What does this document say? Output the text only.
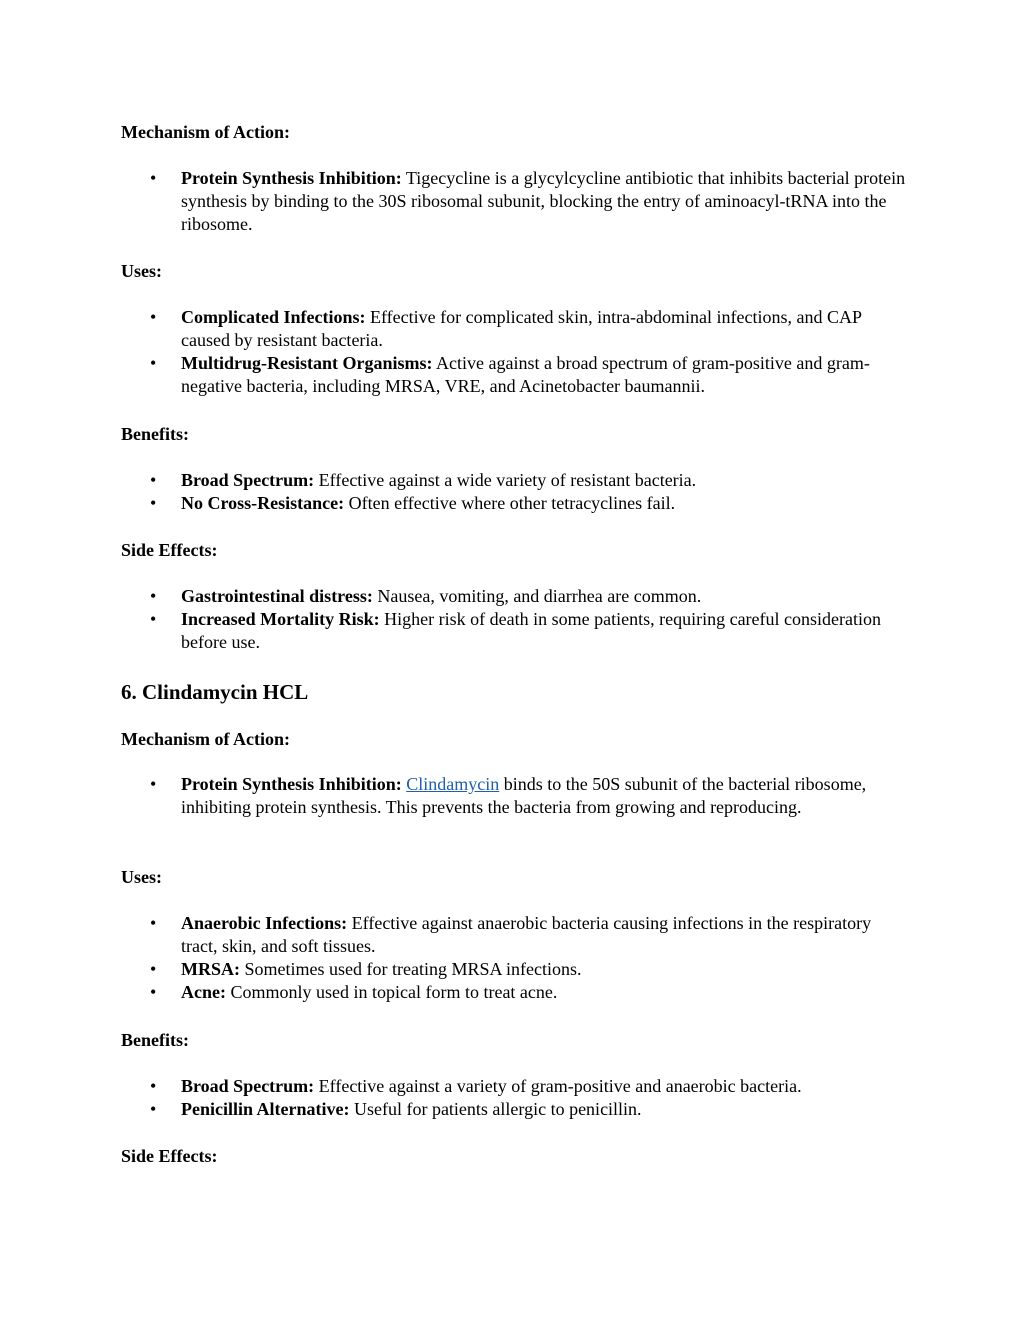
Mechanism of Action:

• Protein Synthesis Inhibition: Tigecycline is a glycylcycline antibiotic that inhibits bacterial protein synthesis by binding to the 30S ribosomal subunit, blocking the entry of aminoacyl-tRNA into the ribosome.

Uses:

• Complicated Infections: Effective for complicated skin, intra-abdominal infections, and CAP caused by resistant bacteria.
• Multidrug-Resistant Organisms: Active against a broad spectrum of gram-positive and gram-negative bacteria, including MRSA, VRE, and Acinetobacter baumannii.

Benefits:

• Broad Spectrum: Effective against a wide variety of resistant bacteria.
• No Cross-Resistance: Often effective where other tetracyclines fail.

Side Effects:

• Gastrointestinal distress: Nausea, vomiting, and diarrhea are common.
• Increased Mortality Risk: Higher risk of death in some patients, requiring careful consideration before use.
6. Clindamycin HCL

Mechanism of Action:

• Protein Synthesis Inhibition: Clindamycin binds to the 50S subunit of the bacterial ribosome, inhibiting protein synthesis. This prevents the bacteria from growing and reproducing.

Uses:

• Anaerobic Infections: Effective against anaerobic bacteria causing infections in the respiratory tract, skin, and soft tissues.
• MRSA: Sometimes used for treating MRSA infections.
• Acne: Commonly used in topical form to treat acne.

Benefits:

• Broad Spectrum: Effective against a variety of gram-positive and anaerobic bacteria.
• Penicillin Alternative: Useful for patients allergic to penicillin.

Side Effects:
